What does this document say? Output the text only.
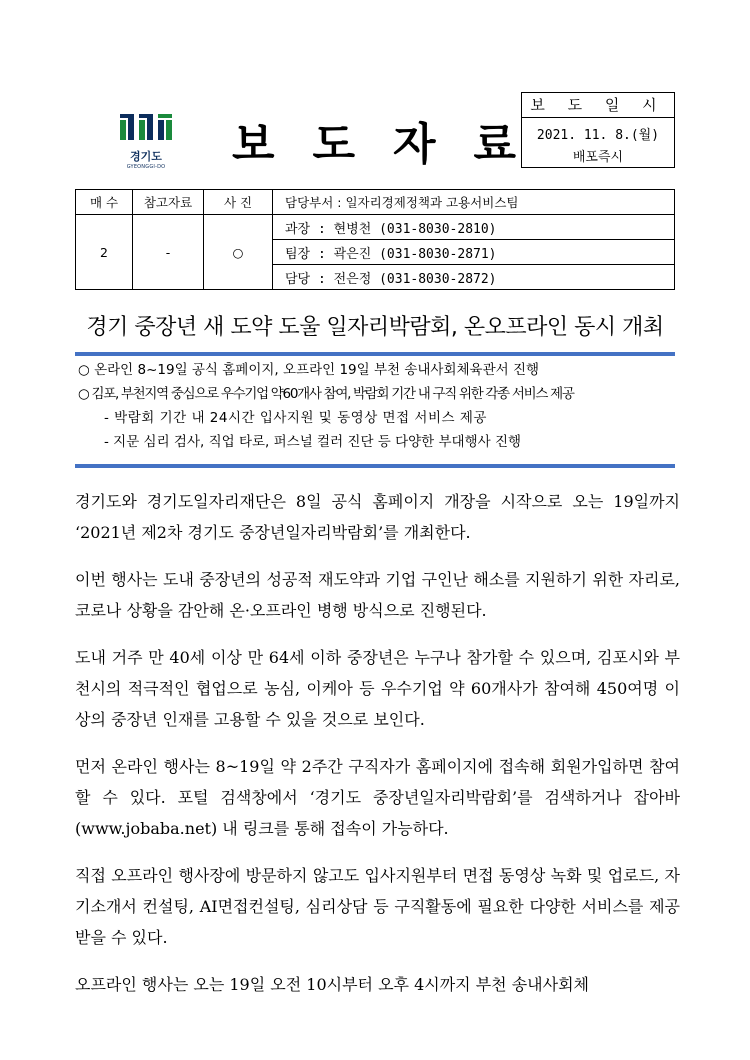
경기도
GYEONGGI-DO 보도자료
보 도 일 시
2021. 11. 8.(월)
배포즉시
매 수	참고자료	사 진	담당부서 : 일자리경제정책과 고용서비스팀
2	-	○	과장 : 현병천 (031-8030-2810)
			팀장 : 곽은진 (031-8030-2871)
			담당 : 전은정 (031-8030-2872)
경기 중장년 새 도약 도울 일자리박람회, 온오프라인 동시 개최
○ 온라인 8~19일 공식 홈페이지, 오프라인 19일 부천 송내사회체육관서 진행
○ 김포, 부천지역 중심으로 우수기업 약60개사 참여, 박람회 기간 내 구직 위한 각종 서비스 제공
- 박람회 기간 내 24시간 입사지원 및 동영상 면접 서비스 제공
- 지문 심리 검사, 직업 타로, 퍼스널 컬러 진단 등 다양한 부대행사 진행

경기도와 경기도일자리재단은 8일 공식 홈페이지 개장을 시작으로 오는 19일까지 ‘2021년 제2차 경기도 중장년일자리박람회’를 개최한다.

이번 행사는 도내 중장년의 성공적 재도약과 기업 구인난 해소를 지원하기 위한 자리로, 코로나 상황을 감안해 온·오프라인 병행 방식으로 진행된다.

도내 거주 만 40세 이상 만 64세 이하 중장년은 누구나 참가할 수 있으며, 김포시와 부천시의 적극적인 협업으로 농심, 이케아 등 우수기업 약 60개사가 참여해 450여명 이상의 중장년 인재를 고용할 수 있을 것으로 보인다.

먼저 온라인 행사는 8~19일 약 2주간 구직자가 홈페이지에 접속해 회원가입하면 참여할 수 있다. 포털 검색창에서 ‘경기도 중장년일자리박람회’를 검색하거나 잡아바(www.jobaba.net) 내 링크를 통해 접속이 가능하다.

직접 오프라인 행사장에 방문하지 않고도 입사지원부터 면접 동영상 녹화 및 업로드, 자기소개서 컨설팅, AI면접컨설팅, 심리상담 등 구직활동에 필요한 다양한 서비스를 제공받을 수 있다.

오프라인 행사는 오는 19일 오전 10시부터 오후 4시까지 부천 송내사회체
